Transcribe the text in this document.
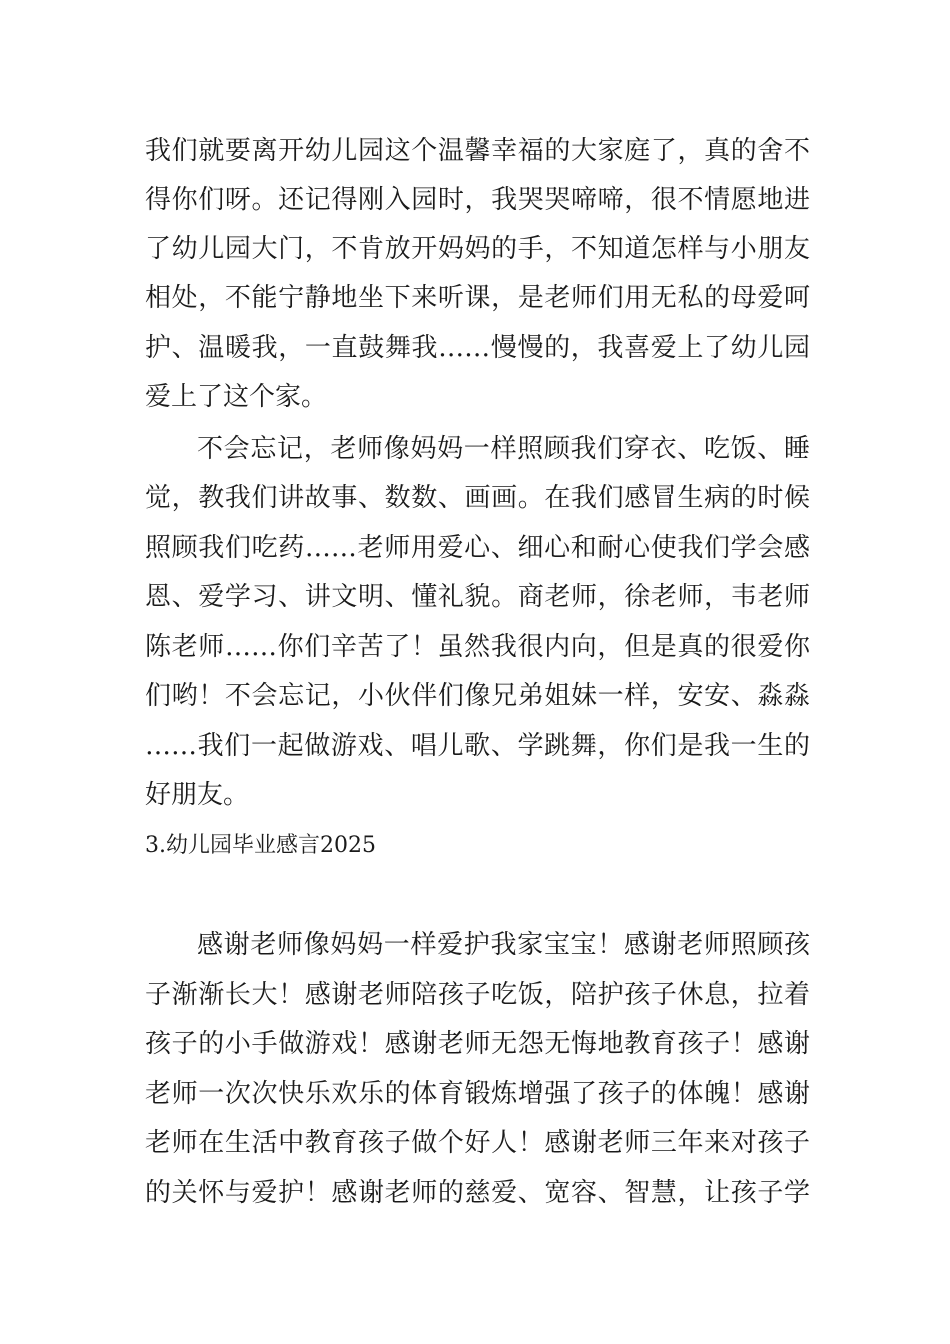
我们就要离开幼儿园这个温馨幸福的大家庭了，真的舍不
得你们呀。还记得刚入园时，我哭哭啼啼，很不情愿地进
了幼儿园大门，不肯放开妈妈的手，不知道怎样与小朋友
相处，不能宁静地坐下来听课，是老师们用无私的母爱呵
护、温暖我，一直鼓舞我……慢慢的，我喜爱上了幼儿园
爱上了这个家。
不会忘记，老师像妈妈一样照顾我们穿衣、吃饭、睡
觉，教我们讲故事、数数、画画。在我们感冒生病的时候
照顾我们吃药……老师用爱心、细心和耐心使我们学会感
恩、爱学习、讲文明、懂礼貌。商老师，徐老师，韦老师
陈老师……你们辛苦了！虽然我很内向，但是真的很爱你
们哟！不会忘记，小伙伴们像兄弟姐妹一样，安安、淼淼
……我们一起做游戏、唱儿歌、学跳舞，你们是我一生的
好朋友。
3.幼儿园毕业感言2025
感谢老师像妈妈一样爱护我家宝宝！感谢老师照顾孩
子渐渐长大！感谢老师陪孩子吃饭，陪护孩子休息，拉着
孩子的小手做游戏！感谢老师无怨无悔地教育孩子！感谢
老师一次次快乐欢乐的体育锻炼增强了孩子的体魄！感谢
老师在生活中教育孩子做个好人！感谢老师三年来对孩子
的关怀与爱护！感谢老师的慈爱、宽容、智慧，让孩子学
